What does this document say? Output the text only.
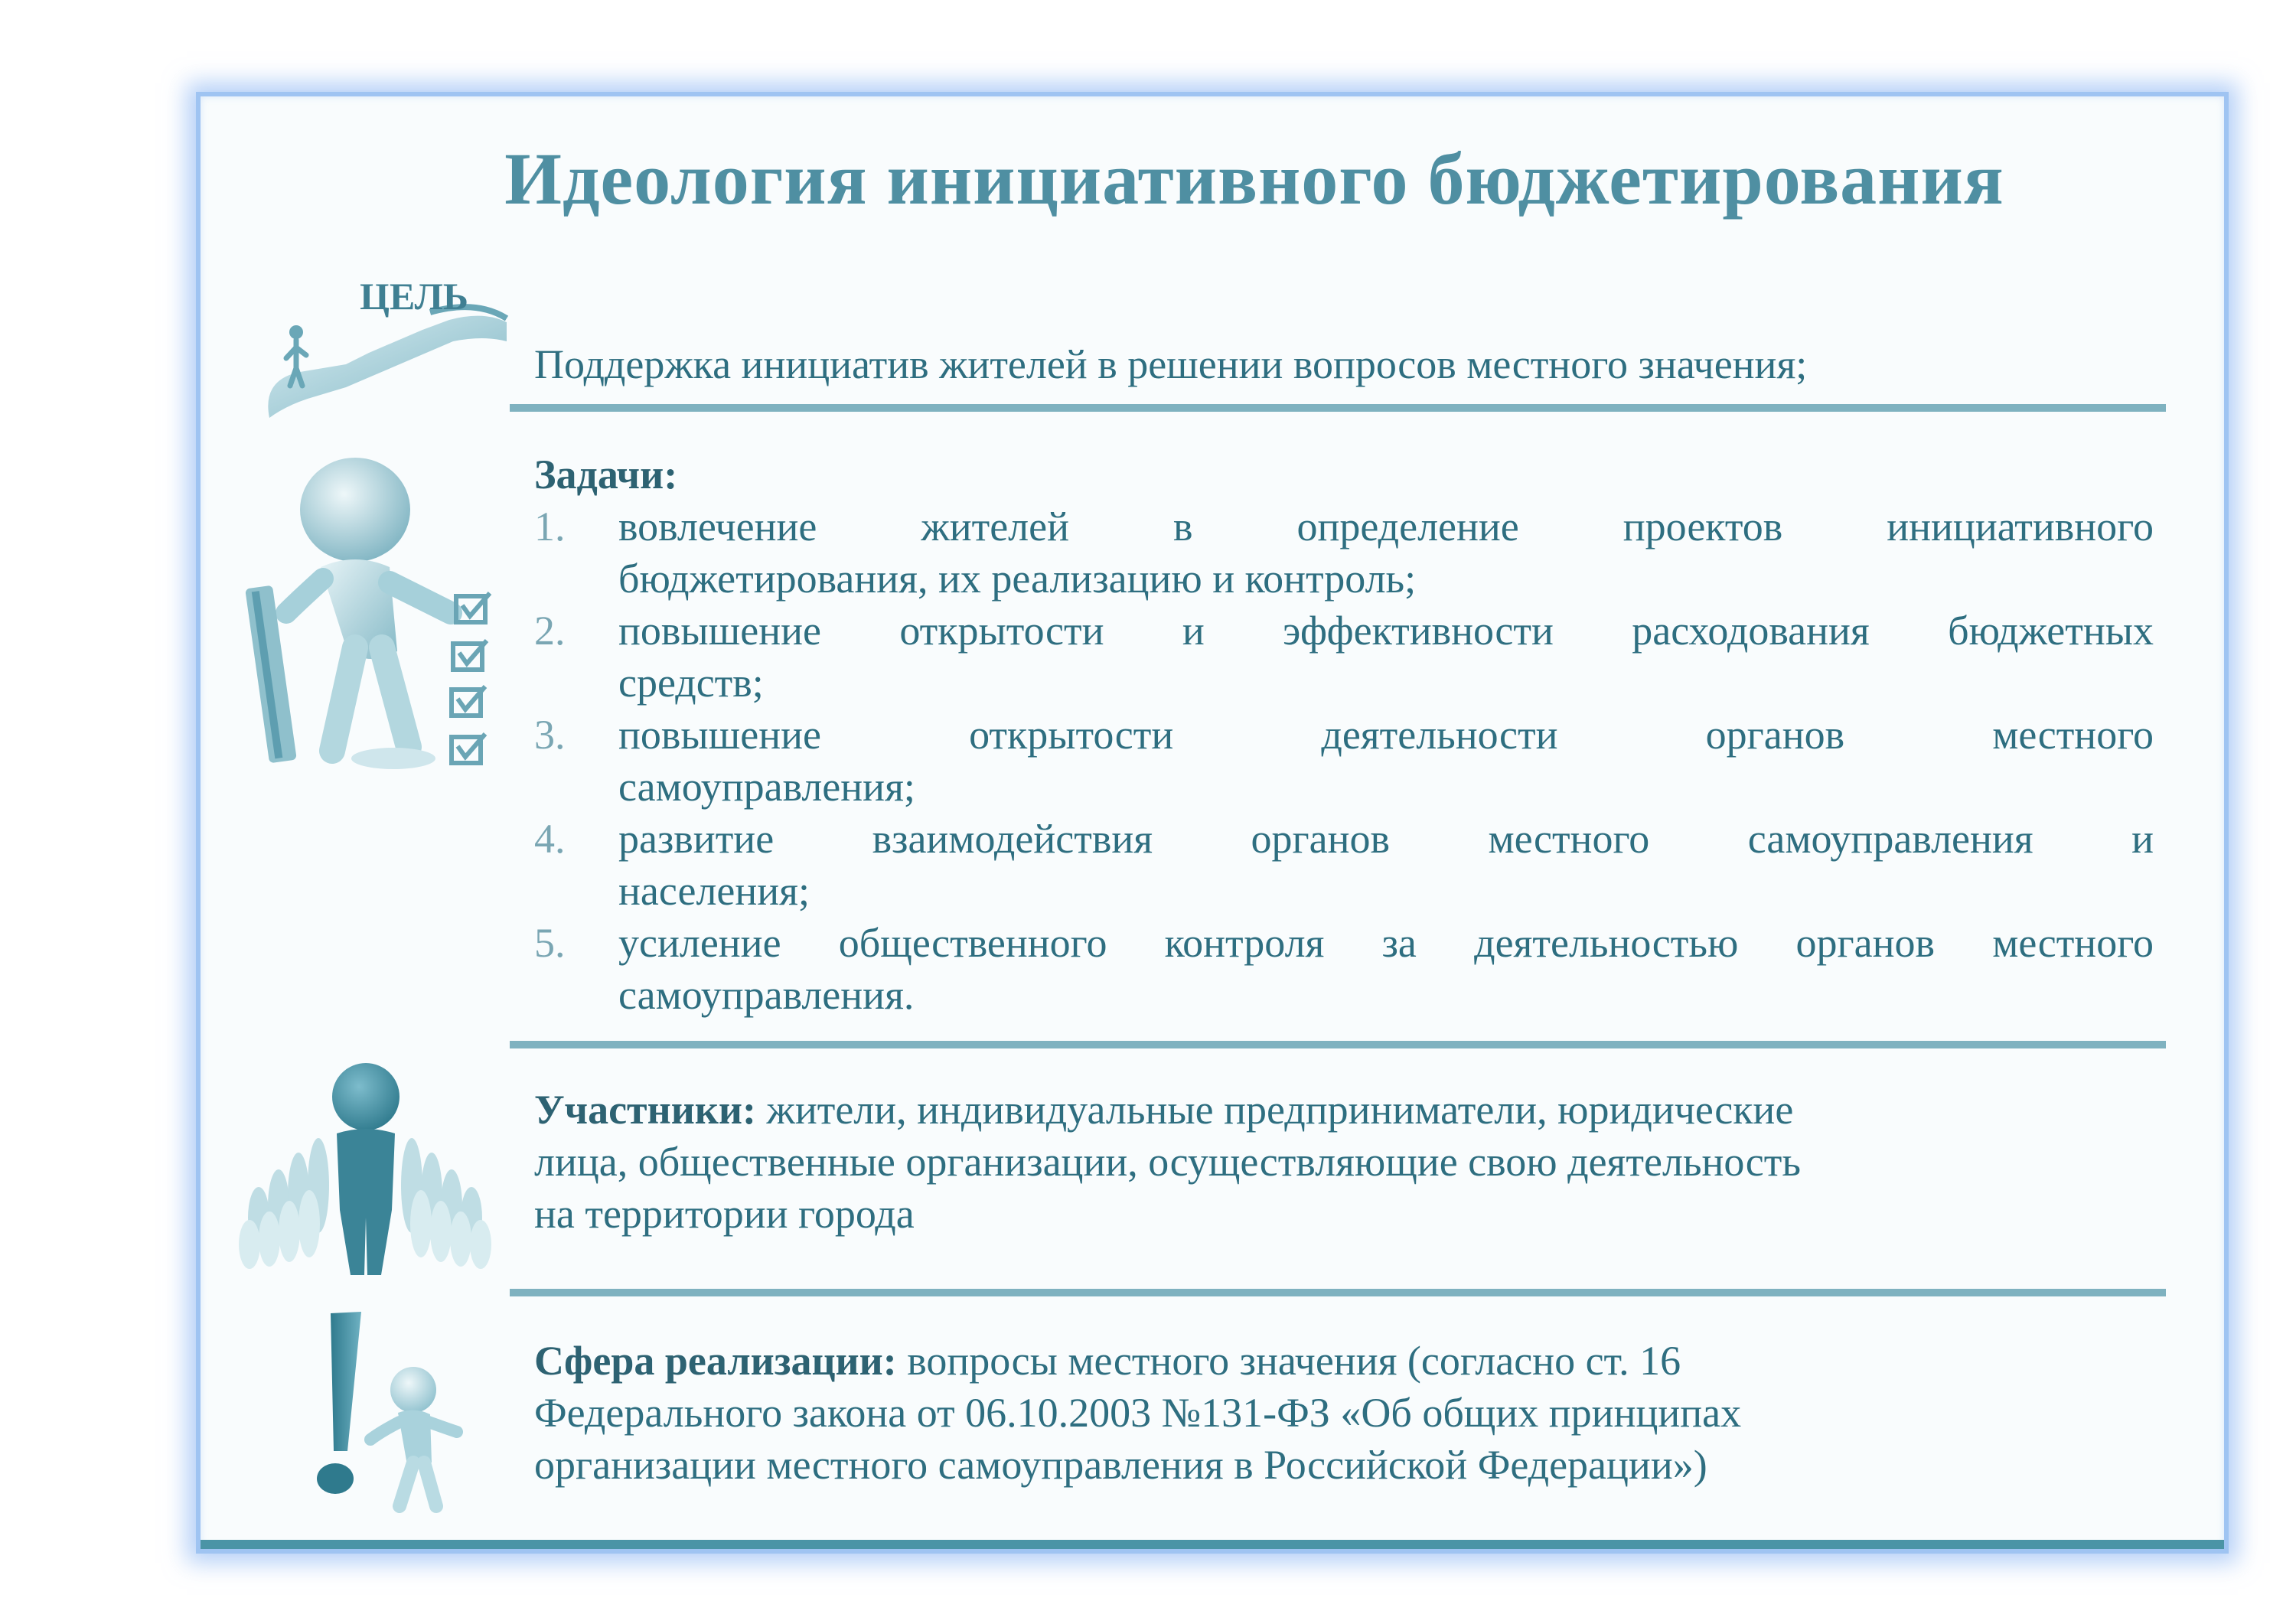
Идеология инициативного бюджетирования
ЦЕЛЬ
Поддержка инициатив жителей в решении вопросов местного значения;
Задачи:
1. вовлечение жителей в определение проектов инициативного
бюджетирования, их реализацию и контроль;
2. повышение открытости и эффективности расходования бюджетных
средств;
3. повышение открытости деятельности органов местного
самоуправления;
4. развитие взаимодействия органов местного самоуправления и
населения;
5. усиление общественного контроля за деятельностью органов местного
самоуправления.
Участники: жители, индивидуальные предприниматели, юридические
лица, общественные организации, осуществляющие свою деятельность
на территории города
Сфера реализации: вопросы местного значения (согласно ст. 16
Федерального закона от 06.10.2003 №131-ФЗ «Об общих принципах
организации местного самоуправления в Российской Федерации»)
